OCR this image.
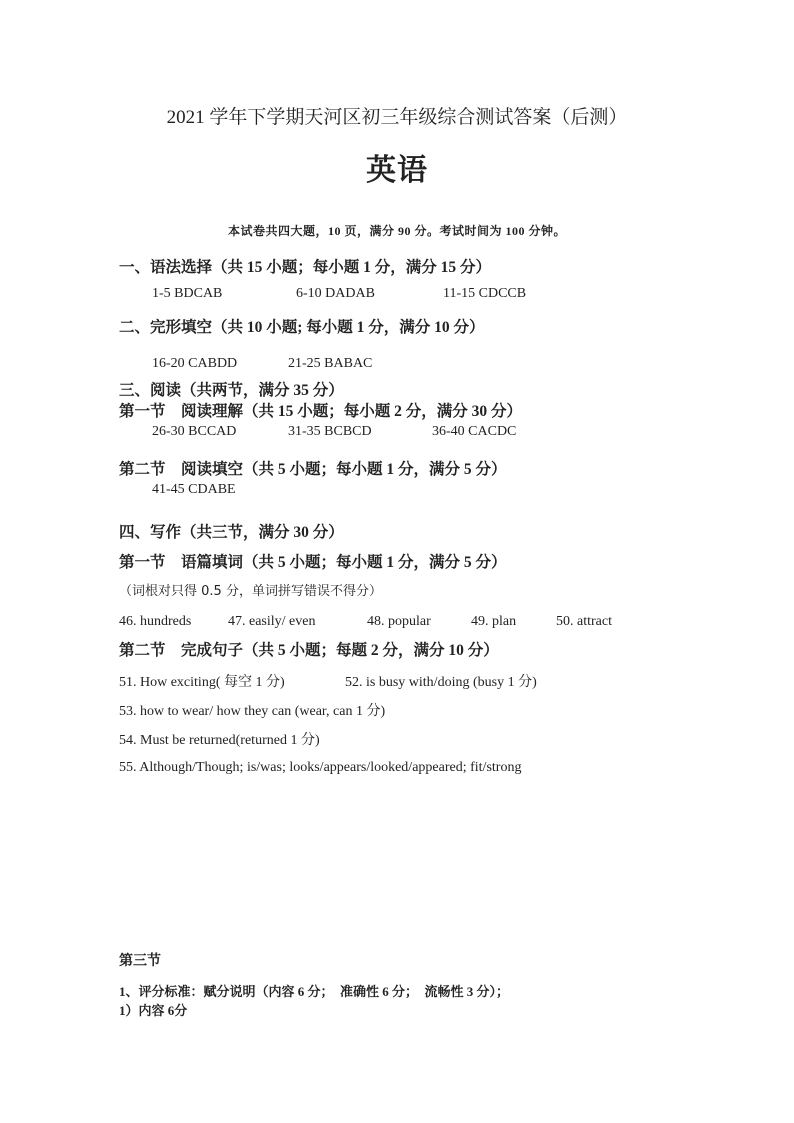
2021 学年下学期天河区初三年级综合测试答案（后测）
英语
本试卷共四大题，10 页，满分 90 分。考试时间为 100 分钟。
一、语法选择（共 15 小题；每小题 1 分，满分 15 分）
1-5 BDCAB	6-10 DADAB	11-15 CDCCB
二、完形填空（共 10 小题; 每小题 1 分，满分 10 分）
16-20 CABDD	21-25 BABAC
三、阅读（共两节，满分 35 分）
第一节　阅读理解（共 15 小题；每小题 2 分，满分 30 分）
26-30 BCCAD	31-35 BCBCD	36-40 CACDC
第二节　阅读填空（共 5 小题；每小题 1 分，满分 5 分）
41-45 CDABE
四、写作（共三节，满分 30 分）
第一节　语篇填词（共 5 小题；每小题 1 分，满分 5 分）
（词根对只得 0.5 分，单词拼写错误不得分）
46. hundreds	47. easily/ even	48. popular	49. plan	50. attract
第二节　完成句子（共 5 小题；每题 2 分，满分 10 分）
51. How exciting( 每空 1 分)	52. is busy with/doing (busy 1 分)
53. how to wear/ how they can (wear, can 1 分)
54. Must be returned(returned 1 分)
55. Although/Though; is/was; looks/appears/looked/appeared; fit/strong
第三节
1、评分标准：赋分说明（内容 6 分；　准确性 6 分；　流畅性 3 分）；
1）内容 6分
